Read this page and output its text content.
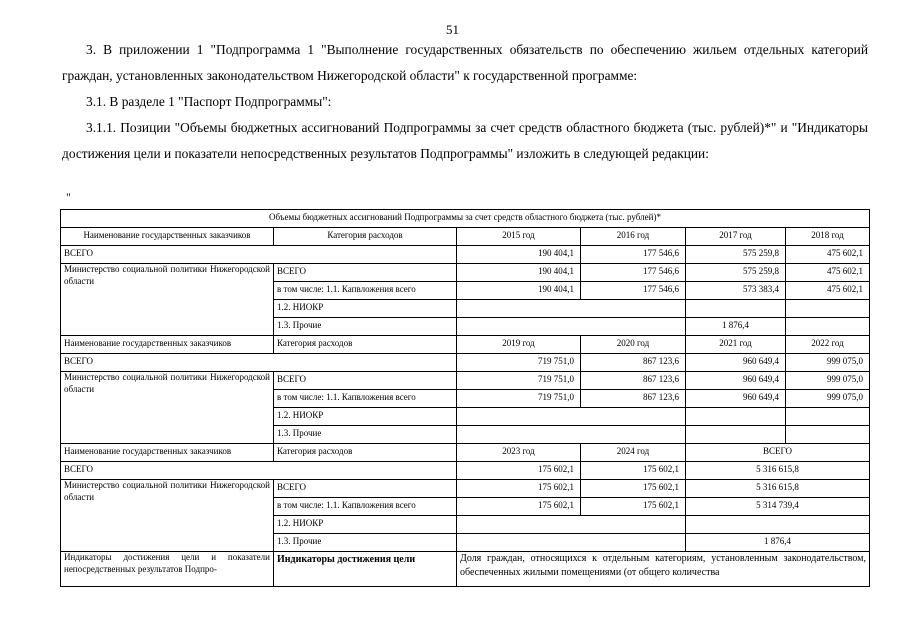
51
3. В приложении 1 "Подпрограмма 1 "Выполнение государственных обязательств по обеспечению жильем отдельных категорий граждан, установленных законодательством Нижегородской области" к государственной программе:
3.1. В разделе 1 "Паспорт Подпрограммы":
3.1.1. Позиции "Объемы бюджетных ассигнований Подпрограммы за счет средств областного бюджета (тыс. рублей)*" и "Индикаторы достижения цели и показатели непосредственных результатов Подпрограммы" изложить в следующей редакции:
"
Объемы бюджетных ассигнований Подпрограммы за счет средств областного бюджета (тыс. рублей)*					
Наименование государственных заказчиков	Категория расходов	2015 год	2016 год	2017 год	2018 год
ВСЕГО		190 404,1	177 546,6	575 259,8	475 602,1
Министерство социальной политики Нижегородской области	ВСЕГО	190 404,1	177 546,6	575 259,8	475 602,1
	в том числе: 1.1. Капвложения всего	190 404,1	177 546,6	573 383,4	475 602,1
	1.2. НИОКР				
	1.3. Прочие			1 876,4	
Наименование государственных заказчиков	Категория расходов	2019 год	2020 год	2021 год	2022 год
ВСЕГО		719 751,0	867 123,6	960 649,4	999 075,0
Министерство социальной политики Нижегородской области	ВСЕГО	719 751,0	867 123,6	960 649,4	999 075,0
	в том числе: 1.1. Капвложения всего	719 751,0	867 123,6	960 649,4	999 075,0
	1.2. НИОКР				
	1.3. Прочие				
Наименование государственных заказчиков	Категория расходов	2023 год	2024 год	ВСЕГО	
ВСЕГО		175 602,1	175 602,1	5 316 615,8	
Министерство социальной политики Нижегородской области	ВСЕГО	175 602,1	175 602,1	5 316 615,8	
	в том числе: 1.1. Капвложения всего	175 602,1	175 602,1	5 314 739,4	
	1.2. НИОКР				
	1.3. Прочие			1 876,4	
Индикаторы достижения цели и показатели непосредственных результатов Подпро-	Индикаторы достижения цели	Доля граждан, относящихся к отдельным категориям, установленным законодательством, обеспеченных жилыми помещениями (от общего количества			
